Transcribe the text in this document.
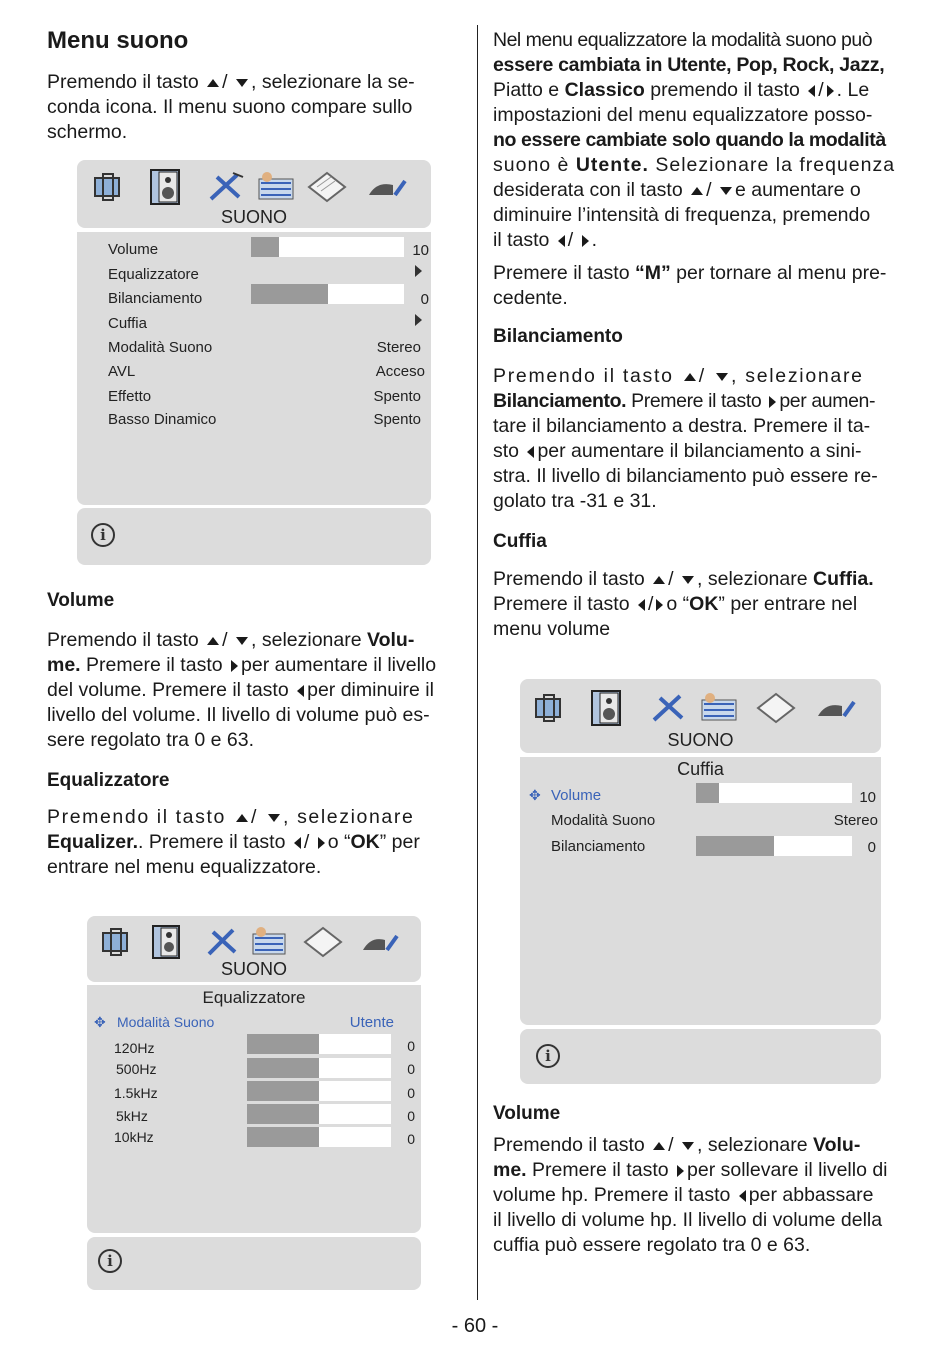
Menu suono
Premendo il tasto / , selezionare la se-
conda icona. Il menu suono compare sullo
schermo.
Volume
Premendo il tasto / , selezionare Volu-
me. Premere il tasto per aumentare il livello
del volume. Premere il tasto per diminuire il
livello del volume. Il livello di volume può es-
sere regolato tra 0 e 63.
Equalizzatore
Premendo il tasto / , selezionare
Equalizer.. Premere il tasto / o “OK” per
entrare nel menu equalizzatore.
SUONO
Volume	10
Equalizzatore
Bilanciamento	0
Cuffia
Modalità Suono	Stereo
AVL	Acceso
Effetto	Spento
Basso Dinamico	Spento
i
SUONO
Equalizzatore
✥ Modalità Suono	Utente
120Hz	0
500Hz	0
1.5kHz	0
5kHz	0
10kHz	0
i
Nel menu equalizzatore la modalità suono può
essere cambiata in Utente, Pop, Rock, Jazz,
Piatto e Classico premendo il tasto / . Le
impostazioni del menu equalizzatore posso-
no essere cambiate solo quando la modalità
suono è Utente. Selezionare la frequenza
desiderata con il tasto / e aumentare o
diminuire l’intensità di frequenza, premendo
il tasto / .
Premere il tasto “M” per tornare al menu pre-
cedente.
Bilanciamento
Premendo il tasto / , selezionare
Bilanciamento. Premere il tasto per aumen-
tare il bilanciamento a destra. Premere il ta-
sto per aumentare il bilanciamento a sini-
stra. Il livello di bilanciamento può essere re-
golato tra -31 e 31.
Cuffia
Premendo il tasto / , selezionare Cuffia.
Premere il tasto / o “OK” per entrare nel
menu volume
Volume
Premendo il tasto / , selezionare Volu-
me. Premere il tasto per sollevare il livello di
volume hp. Premere il tasto per abbassare
il livello di volume hp. Il livello di volume della
cuffia può essere regolato tra 0 e 63.
SUONO
Cuffia
✥ Volume	10
Modalità Suono	Stereo
Bilanciamento	0
i
- 60 -
